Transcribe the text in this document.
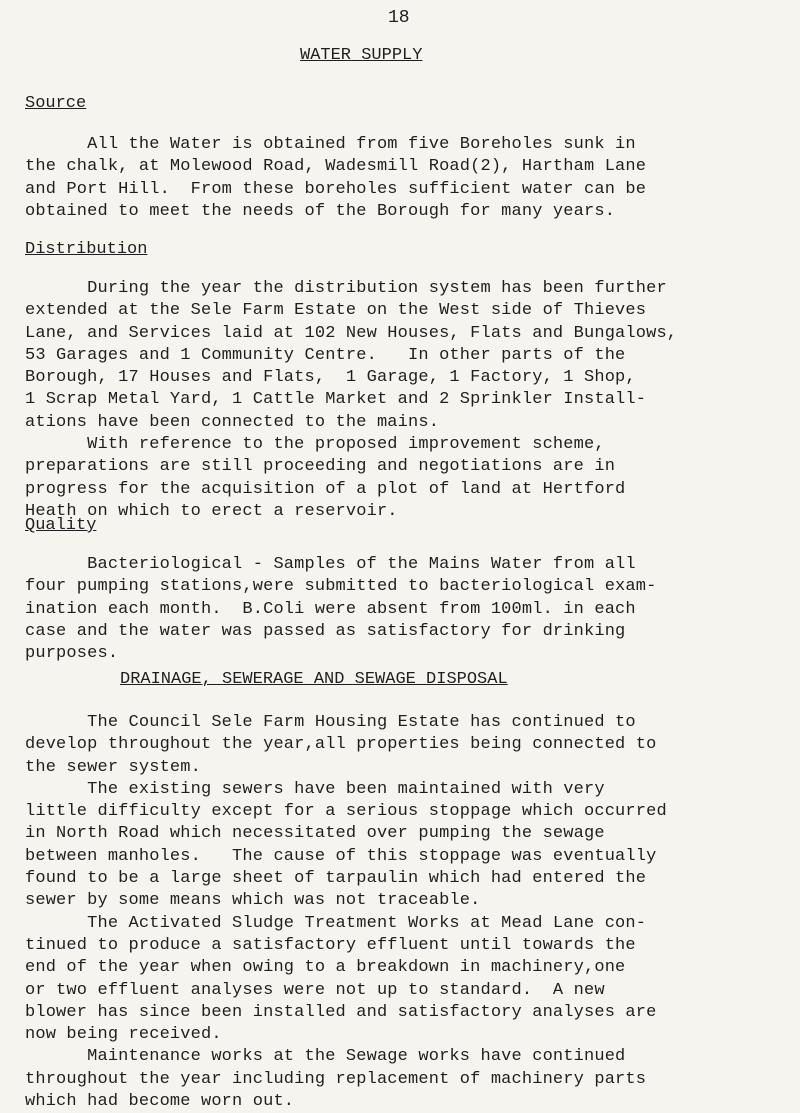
18
WATER SUPPLY
Source

All the Water is obtained from five Boreholes sunk in
the chalk, at Molewood Road, Wadesmill Road(2), Hartham Lane
and Port Hill.  From these boreholes sufficient water can be
obtained to meet the needs of the Borough for many years.

Distribution

During the year the distribution system has been further
extended at the Sele Farm Estate on the West side of Thieves
Lane, and Services laid at 102 New Houses, Flats and Bungalows,
53 Garages and 1 Community Centre.   In other parts of the
Borough, 17 Houses and Flats,  1 Garage, 1 Factory, 1 Shop,
1 Scrap Metal Yard, 1 Cattle Market and 2 Sprinkler Install-
ations have been connected to the mains.
With reference to the proposed improvement scheme,
preparations are still proceeding and negotiations are in
progress for the acquisition of a plot of land at Hertford
Heath on which to erect a reservoir.

Quality

Bacteriological - Samples of the Mains Water from all
four pumping stations,were submitted to bacteriological exam-
ination each month.  B.Coli were absent from 100ml. in each
case and the water was passed as satisfactory for drinking
purposes.

DRAINAGE, SEWERAGE AND SEWAGE DISPOSAL

The Council Sele Farm Housing Estate has continued to
develop throughout the year,all properties being connected to
the sewer system.
The existing sewers have been maintained with very
little difficulty except for a serious stoppage which occurred
in North Road which necessitated over pumping the sewage
between manholes.   The cause of this stoppage was eventually
found to be a large sheet of tarpaulin which had entered the
sewer by some means which was not traceable.
The Activated Sludge Treatment Works at Mead Lane con-
tinued to produce a satisfactory effluent until towards the
end of the year when owing to a breakdown in machinery,one
or two effluent analyses were not up to standard.  A new
blower has since been installed and satisfactory analyses are
now being received.
Maintenance works at the Sewage works have continued
throughout the year including replacement of machinery parts
which had become worn out.
